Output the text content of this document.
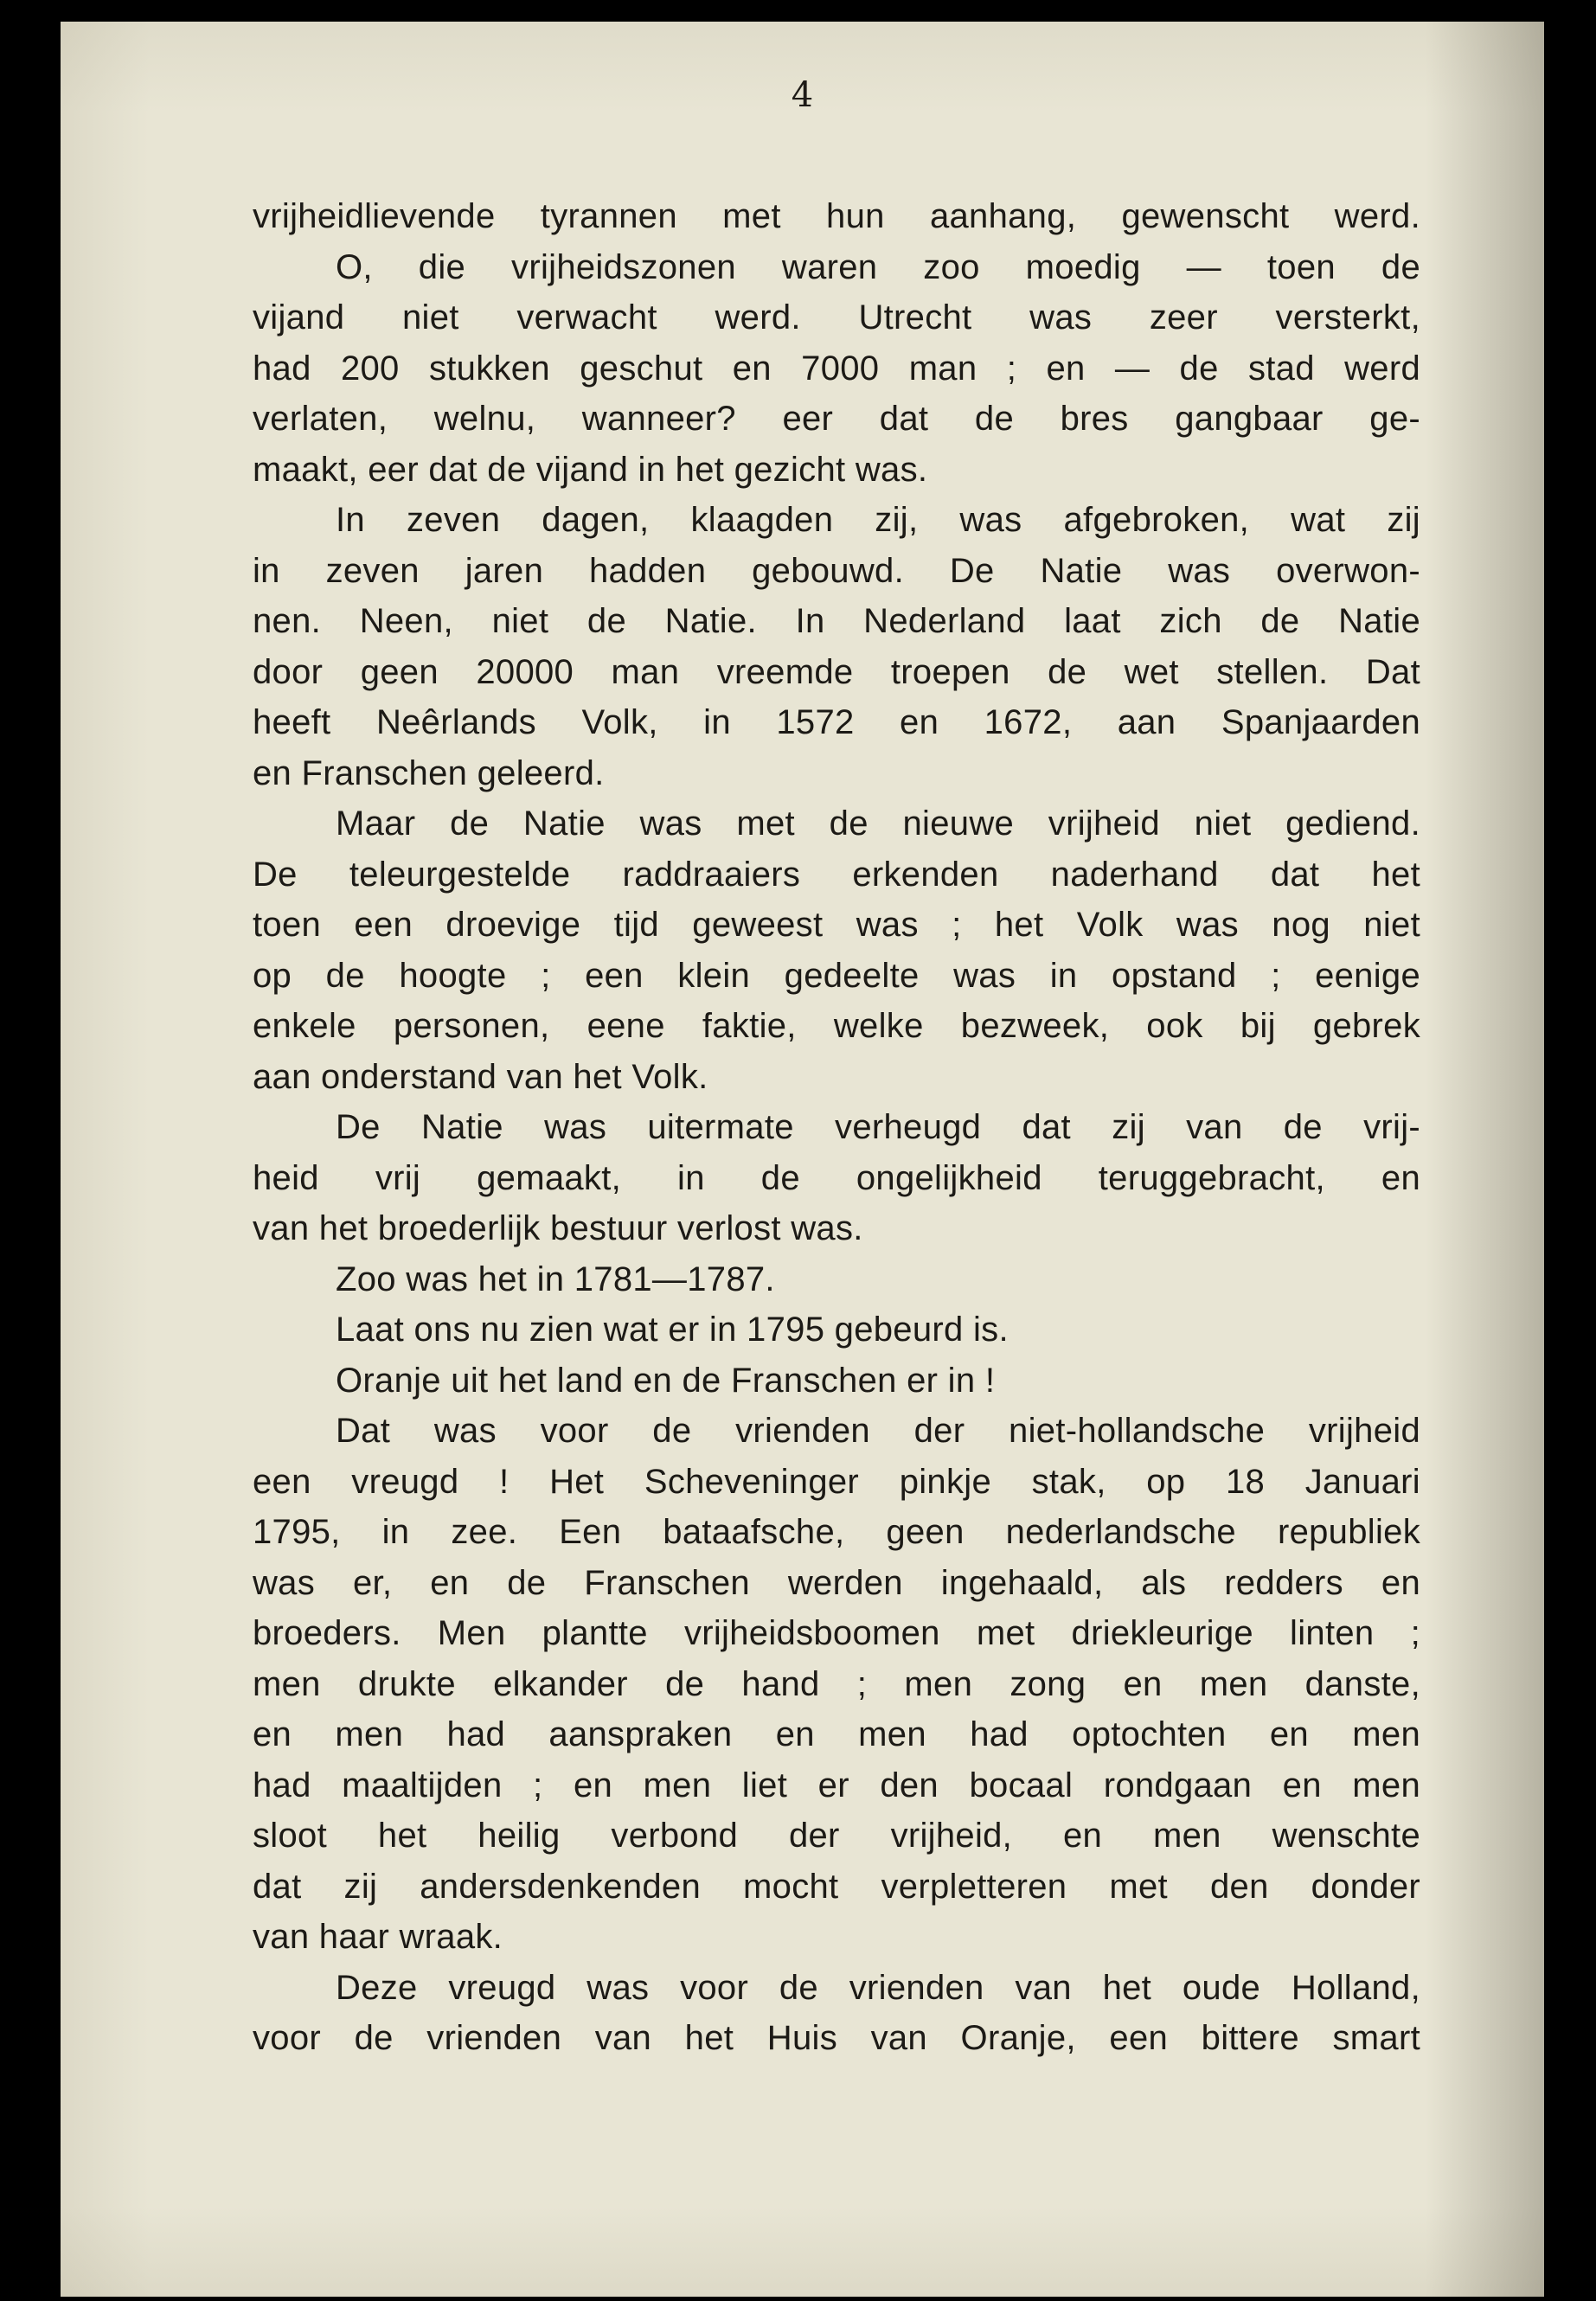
4
vrijheidlievende tyrannen met hun aanhang, gewenscht werd.
O, die vrijheidszonen waren zoo moedig — toen de
vijand niet verwacht werd. Utrecht was zeer versterkt,
had 200 stukken geschut en 7000 man ; en — de stad werd
verlaten, welnu, wanneer? eer dat de bres gangbaar ge-
maakt, eer dat de vijand in het gezicht was.
In zeven dagen, klaagden zij, was afgebroken, wat zij
in zeven jaren hadden gebouwd. De Natie was overwon-
nen. Neen, niet de Natie. In Nederland laat zich de Natie
door geen 20000 man vreemde troepen de wet stellen. Dat
heeft Neêrlands Volk, in 1572 en 1672, aan Spanjaarden
en Franschen geleerd.
Maar de Natie was met de nieuwe vrijheid niet gediend.
De teleurgestelde raddraaiers erkenden naderhand dat het
toen een droevige tijd geweest was ; het Volk was nog niet
op de hoogte ; een klein gedeelte was in opstand ; eenige
enkele personen, eene faktie, welke bezweek, ook bij gebrek
aan onderstand van het Volk.
De Natie was uitermate verheugd dat zij van de vrij-
heid vrij gemaakt, in de ongelijkheid teruggebracht, en
van het broederlijk bestuur verlost was.
Zoo was het in 1781—1787.
Laat ons nu zien wat er in 1795 gebeurd is.
Oranje uit het land en de Franschen er in !
Dat was voor de vrienden der niet-hollandsche vrijheid
een vreugd ! Het Scheveninger pinkje stak, op 18 Januari
1795, in zee. Een bataafsche, geen nederlandsche republiek
was er, en de Franschen werden ingehaald, als redders en
broeders. Men plantte vrijheidsboomen met driekleurige linten ;
men drukte elkander de hand ; men zong en men danste,
en men had aanspraken en men had optochten en men
had maaltijden ; en men liet er den bocaal rondgaan en men
sloot het heilig verbond der vrijheid, en men wenschte
dat zij andersdenkenden mocht verpletteren met den donder
van haar wraak.
Deze vreugd was voor de vrienden van het oude Holland,
voor de vrienden van het Huis van Oranje, een bittere smart
